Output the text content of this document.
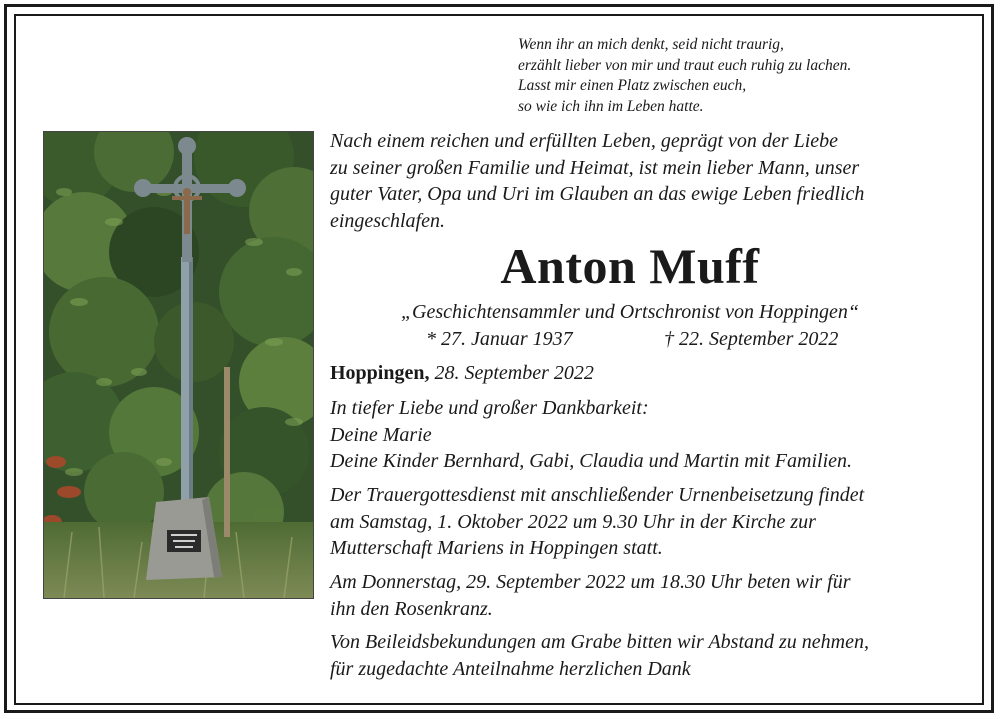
Wenn ihr an mich denkt, seid nicht traurig,
erzählt lieber von mir und traut euch ruhig zu lachen.
Lasst mir einen Platz zwischen euch,
so wie ich ihn im Leben hatte.

Nach einem reichen und erfüllten Leben, geprägt von der Liebe

zu seiner großen Familie und Heimat, ist mein lieber Mann, unser

guter Vater, Opa und Uri im Glauben an das ewige Leben friedlich

eingeschlafen.

Anton Muff
„Geschichtensammler und Ortschronist von Hoppingen“
* 27. Januar 1937	† 22. September 2022

Hoppingen, 28. September 2022

In tiefer Liebe und großer Dankbarkeit:

Deine Marie

Deine Kinder Bernhard, Gabi, Claudia und Martin mit Familien.

Der Trauergottesdienst mit anschließender Urnenbeisetzung findet

am Samstag, 1. Oktober 2022 um 9.30 Uhr in der Kirche zur

Mutterschaft Mariens in Hoppingen statt.

Am Donnerstag, 29. September 2022 um 18.30 Uhr beten wir für

ihn den Rosenkranz.

Von Beileidsbekundungen am Grabe bitten wir Abstand zu nehmen,

für zugedachte Anteilnahme herzlichen Dank
